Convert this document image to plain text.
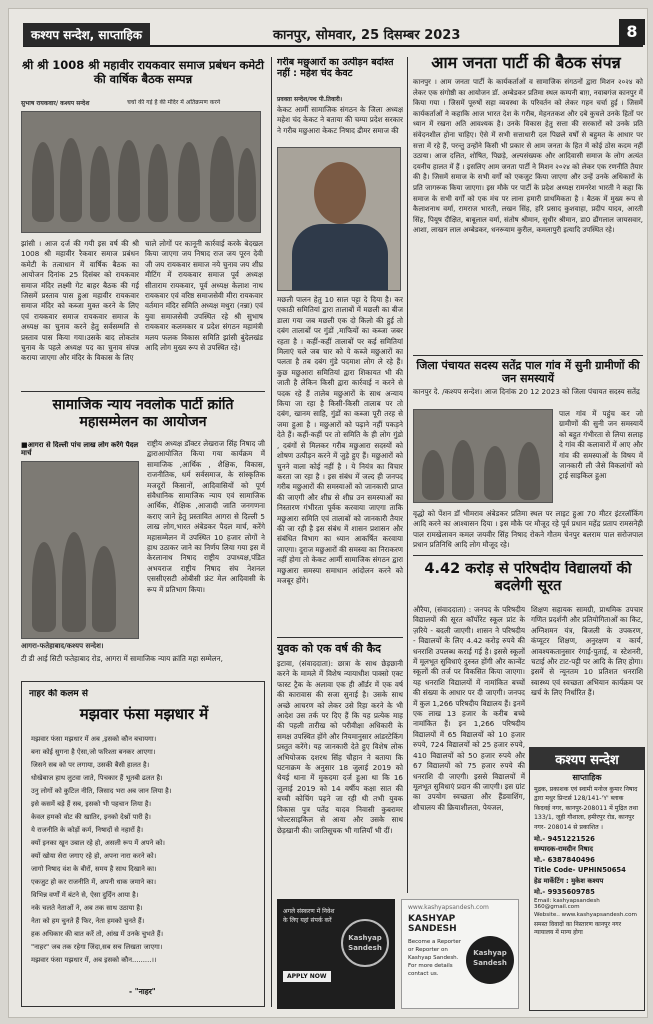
कश्यप सन्देश, साप्ताहिक	कानपुर, सोमवार, 25 दिसम्बर 2023	8
श्री श्री 1008 श्री महावीर रायकवार समाज प्रबंधन कमेटी की वार्षिक बैठक सम्पन्न
सुभाष रायकवार/ कश्यप सन्देश	चर्चा की गई है की मंदिर में अतिक्रमण करने
झांसी । आज दर्ज की गयी इस वर्ष की श्री 1008 श्री महावीर रैकवार समाज प्रबंधन कमेटी के तत्वाधान में वार्षिक बैठक का आयोजन दिनांक 25 दिसंबर को रायकवार समाज मंदिर लक्ष्मी गेट बाहर बैठक की गई जिसमें प्रस्ताव पास हुआ महावीर रायकवार समाज मंदिर को कब्जा मुक्त करने के लिए एवं रायकवार समाज रायकवार समाज के अध्यक्ष का चुनाव करने हेतु सर्वसम्मति से प्रस्ताव पास किया गया।उसके बाद लोकतंत्र चुनाव के पहले अध्यक्ष पद का चुनाव संपन्न कराया जाएगा और मंदिर के विकास के लिए
चाले लोगों पर कानूनी कार्रवाई करके बेदखल किया जाएगा जय निषाद राज जय पूरन देवी जी जय रायकवार समाज नये चुनाव जय शीघ्र मीटिंग में रायकवार समाज पूर्व अध्यक्ष सीताराम रायकवार, पूर्व अध्यक्ष केलाश नाथ रायकवार एवं वरिष्ठ समाजसेवी मीरा रायकवार वर्तमान मंदिर समिति अध्यक्ष मथुरा (नन्ना) एवं युवा समाजसेवी उपस्थित रहे श्री सुभाष रायकवार कलमकार व प्रदेश संगठन महामंत्री मलय फलक विकास समिति झांसी बुंदेलखंड आदि लोग मुख्य रूप से उपस्थित रहे।
सामाजिक न्याय नवलोक पार्टी क्रांति महासम्मेलन का आयोजन
■आगरा से दिल्ली पांच लाख लोग करेंगे पैदल मार्च
राष्ट्रीय अध्यक्ष डॉक्टर लेखराज सिंह निषाद जी द्वाराआयोजित किया गया कार्यक्रम में सामाजिक ,आर्थिक , शैक्षिक, विकास, राजनीतिक, धर्म सर्वसमाज, के सांस्कृतिक मजदूरों किसानों, आदिवासियों को पूर्ण संवैधानिक सामाजिक न्याय एवं सामाजिक आर्थिक, शैक्षिक ,आजादी जाति जनगणना कराए जाने हेतु प्रस्तावित आगरा से दिल्ली 5 लाख लोग,भारत अंबेडकर पैदल मार्च, करेंगे महासम्मेलन में उपस्थित 10 हजार लोगों ने हाथ उठाकर जाने का निर्णय लिया गया इस में केरलानाथ निषाद राष्ट्रीय उपाध्यक्ष,पंडित अभयराज राष्ट्रीय निषाद संघ नेशनल एससीएसटी ओबीसी फ्रंट मेल आदिवासी के रूप में प्रतिभाग किया।
आगरा-फतेहाबाद/कश्यप सन्देश।
टी डी आई सिटी फतेहाबाद रोड, आगरा में सामाजिक न्याय क्रांति महा सम्मेलन,
नाहर की कलम से
मझवार फंसा मझधार में
मझवार फंसा मझधार में अब ,इसको कौन बचायगा।
बना कोई सुगना है ऐसा,जो फरिश्ता बनकर आएगा।
जिसने सब को पर लगाया, उसकी बैसी हालत है।
धोखेबाज हाथ लुटवा जाते, पिचकार हैं भूतबी ढलत है।
उनु लोगों को कुटिल नीति, जिसाद भरा अब जान लिया है।
इसे कसमें बड़े हैं सब, इसको भी पहचान लिया है।
केवल हमको वोट की खातिर, इनको देश्नों पारी है।
ये राजनीति के कोड़ों कर्म, निषादों से नहारों है।
क्यों इनका खून उबाल रहे हो, असली रूप में अपने को।
क्यों खोया सेरा जगाए रहे हो, अपना नारा करने को।
जागो निषाद वंश के बीरों, समय है साथ दिखाने का।
एकजुट हो कर राजनीति में, अपनी धाक जमाने का।
विभिन्न वर्णों में बंटने से, ऐसा दुर्दिन आया है।
नके चलते नेताओं ने, अब तक साथ उठाया है।
नेता को हम चुनते हैं फिर, नेता हमको चुनते हैं।
हक अधिकार की बात करें तो, आंख में उनके चुभते हैं।
"नाहर" जब तक रहेगा जिंदा,सब सच लिखता जाएगा।
मझवार फंसा मझधार में, अब इसको कौन.........।।
- "नाहर"
गरीब मछुआरों का उत्पीड़न बर्दाश्त नहीं : महेश चंद केवट
प्रवक्ता सन्देश/पथ पी.तिवारी।
केकट आर्मी सामाजिक संगठन के जिला अध्यक्ष महेश चंद केकट ने बताया की चम्पा प्रदेश सरकार ने गरीब मछुआरा केकट निषाद ढीमर समाज की
मछली पालन हेतु 10 साल पट्टा दे दिया है। कर एकाठी समितियां द्वारा तालाबों में मछली का बीज डाला गया जब मछली एक दो किलो की हुई तो दबंग तालाबों पर गुंडों ,माफियों का कब्जा जबर रहता है । कहीं-कहीं तालाबों पर कई समितियां मिलाएं चले जब चार को ये कब्जे मछुआरों का पलता है तब दबंग गुंडे पदमाश लोग ले रहे हैं। कुछ मछुआरा समितियां द्वारा शिकायत भी की जाती है लेकिन किसी द्वारा कार्रवाई न करने से पदक रहे हैं तालेब मछुआरों के साथ अन्याय किया जा रहा है किसी-किसी तालाब पर तो दबंग, खानम साहि, गुंडों का कब्जा पूरी तरह से जमा हुआ है । मछुआरों को पढ़ाने नहीं पकड़ने देते हैं। कहीं-कहीं पर तो समिति के ही लोग गुंडो , दबंगों से मिलकर गरीब मछुआरा सदस्यों को शोषण उत्पीड़न करने में जुड़े हुए हैं। मछुआरों को चुनने वाला कोई नहीं है । ये नियंत्र का विचार करता जा रहा है । इस संबंध में जल्द ही जनपद गरीब मछुआरों की समस्याओं को जानकारी प्राप्त की जाएगी और शीघ्र से शीघ्र उन समस्याओं का निस्तारण गंभीरता पूर्वक करवाया जाएगा ताकि मछुआरा समिति एवं तालाबों को जानकारी तैयार की जा रही है इस संबंध में शासन प्रशासन और संबंधित विभाग का ध्यान आकर्षित करवाया जाएगा। दुराज मछुआरों की समस्या का निराकरण नहीं होगा तो केकट आर्मी सामाजिक संगठन द्वारा मछुआरा समस्या समाधान आंदोलन करने को मजबूर होंगे।
युवक को एक वर्ष की कैद
इटावा, (संवाददाता): छात्रा के साथ छेड़छानी करने के मामले में विशेष न्यायाधीश पाक्सो एक्ट फास्ट ट्रैक के अलावा एक ही ऑर्डर में एक वर्ष की कारावास की सजा सुनाई है। उसके साथ अच्छे आचरण को लेकर उसे रिहा करने के भी आदेश उस तर्क पर दिए हैं कि यह प्रत्येक माह की पहली तारीख को परीवीक्षा अधिकारी के समक्ष उपस्थित होंगे और नियमानुसार आंडरटेकिंग प्रस्तुत करेंगे। यह जानकारी देते हुए विशेष लोक अभियोजक दशरथ सिंह चौहान ने बताया कि घटनाक्रम के अनुसार 18 जुलाई 2019 को थैयई थाना में मुकदमा दर्ज हुआ था कि 16 जुलाई 2019 को 14 वर्षीय कक्षा सात की बच्ची कोचिंग पढ़ने जा रही थी तभी युवक विकास पुत्र पतेंद्र यादव निवासी कुबरामर भोल्टसाइकिल से आया और उसके साथ छेड़खानी की। जातिसूचक भी गालियाँ भी दीं।
अगले संस्करण में निवेश के लिए यहां संपर्क करें
APPLY NOW
Kashyap Sandesh
www.kashyapsandesh.com
KASHYAP SANDESH
Become a Reporter or Reporter on Kashyap Sandesh. For more details contact us.
Kashyap Sandesh
आम जनता पार्टी की बैठक संपन्न
कानपुर । आम जनता पार्टी के कार्यकर्ताओं व सामाजिक संगठनों द्वारा मिशन २०२४ को लेकर एक संगोष्ठी का आयोजन डॉ. अम्बेडकर प्रतिमा स्थल कम्पनी बाग़, नवाबगंज कानपुर में किया गया । जिसमें पूरुषों सहा व्यवस्था के परिवर्तन को लेकर गहन चर्चा हुई । जिसमें कार्यकर्ताओं ने कहाकि आज भारत देश के गरीब, मेहनतकश और दबे कुचले उनके हितों पर ध्यान में रखना अति आवश्यक है। उनके विकास हेतु सत्ता की सरकारों को उनके प्रति संवेदनशील होना चाहिए। ऐसे में सभी सत्ताधारी दल पिछले वर्षों से बहुमत के आधार पर सत्ता में रहे हैं, परन्तु उन्होंने किसी भी प्रकार से आम जनता के हित में कोई ठोस कदम नहीं उठाया। आज दलित, शोषित, पिछड़े, अल्पसंख्यक और आदिवासी समाज के लोग अत्यंत दयनीय हालत में हैं । इसलिए आम जनता पार्टी ने मिशन २०२४ को लेकर एक रणनीति तैयार की है। जिसमें समाज के सभी वर्गों को एकजुट किया जाएगा और उन्हें उनके अधिकारों के प्रति जागरूक किया जाएगा। इस मौके पर पार्टी के प्रदेश अध्यक्ष रामनरेश भारती ने कहा कि समाज के सभी वर्गों को एक मंच पर लाना हमारी प्राथमिकता है । बैठक में मुख्य रूप से कैलाशनाथ वर्मा, रामराज भारती, लखन सिंह, हरि प्रसाद कुशवाहा, प्रदीप यादव, आरती सिंह, पियूष दीक्षित, बाबूलाल वर्मा, संतोष श्रीमान, सुधीर श्रीमान, डा0 ढौंगलाल जायसवार, आशा, लाखन लाल अम्बेडकर, धनरूयाम कुरील, कमलापुरी इत्यादि उपस्थित रहे।
जिला पंचायत सदस्य सतेंद्र पाल गांव में सुनी ग्रामीणों की जन समस्यायें
कानपुर दे. /कश्यप सन्देश। आज दिनांक 20 12 2023 को जिला पंचायत सदस्य सतेंद्र
पाल गांव में पहुंच कर जो ग्रामीणों की सुनी जन समस्यायें को बहुत गंभीरता से लिया सलाह दे गांव की कलावारों में आए और गांव की समस्याओं के विषय में जानकारी ली जैसे विकलांगों को ट्राई साइकिल हुआ
वृद्धो को पेंशन डॉ भीमराव अंबेडकर प्रतिमा स्थल पर लाइट हुआ 70 मीटर इंटरलॉकिंग आदि करने का आश्वासन दिया । इस मौके पर मौजूद रहे पूर्व प्रधान महेंद्र प्रताप रामसनेही पाल रामखेलावन कमल जयवीर सिंह निषाद रोकने गौतम चेनपुर बलराम पाल सरोजपाल प्रधान प्रतिनिधि आदि लोग मौजूद रहे।
4.42 करोड़ से परिषदीय विद्यालयों की बदलेगी सूरत
औरैया, (संवाददाता) : जनपद के परिषदीय विद्यालयों की सूरत कॉर्पोरेट स्कूल प्रांट के ज़रिये - बदली जाएगी। शासन ने परिषदीय - विद्यालयों के लिए 4.42 करोड़ रुपये की धनराशि उपलब्ध कराई गई है। इससे स्कूलों में मूलभूत सुविधाएं दुरुस्त होंगी और कान्वेंट स्कूलों की तर्ज पर विकसित किया जाएगा। यह धनराशि विद्यालयों में नामांकित बच्चों की संख्या के आधार पर दी जाएगी। जनपद में कुल 1,266 परिषदीय विद्यालय हैं। इनमें एक लाख 13 हजार के करीब बच्चे नामांकित हैं। इन 1,266 परिषदीय विद्यालयों में 65 विद्यालयों को 10 हजार रुपये, 724 विद्यालयों को 25 हजार रुपये, 410 विद्यालयों को 50 हजार रुपये और 67 विद्यालयों को 75 हजार रुपये की धनराशि दी जाएगी। इससे विद्यालयों में मूलभूत सुविधाएं प्रदान की जाएगी। इस ग्रांट का उपयोग स्वच्छता और हैंडवाशिंग, शौचालय की क्रियाशीलता, पेयजल,
शिक्षण सहायक सामग्री, प्राथमिक उपचार गणित प्रदर्शनी और प्रतियोगिताओं का किट, अग्निशमन यंत्र, बिजली के उपकरण, कंप्यूटर शिक्षण, अनुरक्षण व कार्य, आवश्यकतानुसार रंगाई-पुताई, व स्टेशनरी, चटाई और टाट-पट्टी पर आदि के लिए होगा। इसमें से न्यूनतम 10 प्रतिशत धनराशि स्वास्थ्य एवं स्वच्छता अभियान कार्यक्रम पर खर्च के लिए निर्धारित हैं।
कश्यप सन्देश
साप्ताहिक
मुद्रक, प्रकाशक एवं स्वामी मनोज कुमार निषाद द्वारा मधुर प्रिन्टर्स 128/141-'Y' ब्लाक किदवई नगर, कानपुर-208011 में मुद्रित तथा 133/1, जूही गौशाला, हमीरपुर रोड, कानपुर नगर- 208014 से प्रकाशित ।
मो.- 9451221526
सम्पादक-रामदीन निषाद
मो.- 6387840496
Title Code- UPHIN50654
हेड मार्केटिंग : मुकेश कश्यप
मो.- 9935609785
Email: kashyapsandesh 360@gmail.com
Website.. www.kashyapsandesh.com
समस्त विवादों का निस्तारण कानपुर नगर न्यायालय में मान्य होगा
